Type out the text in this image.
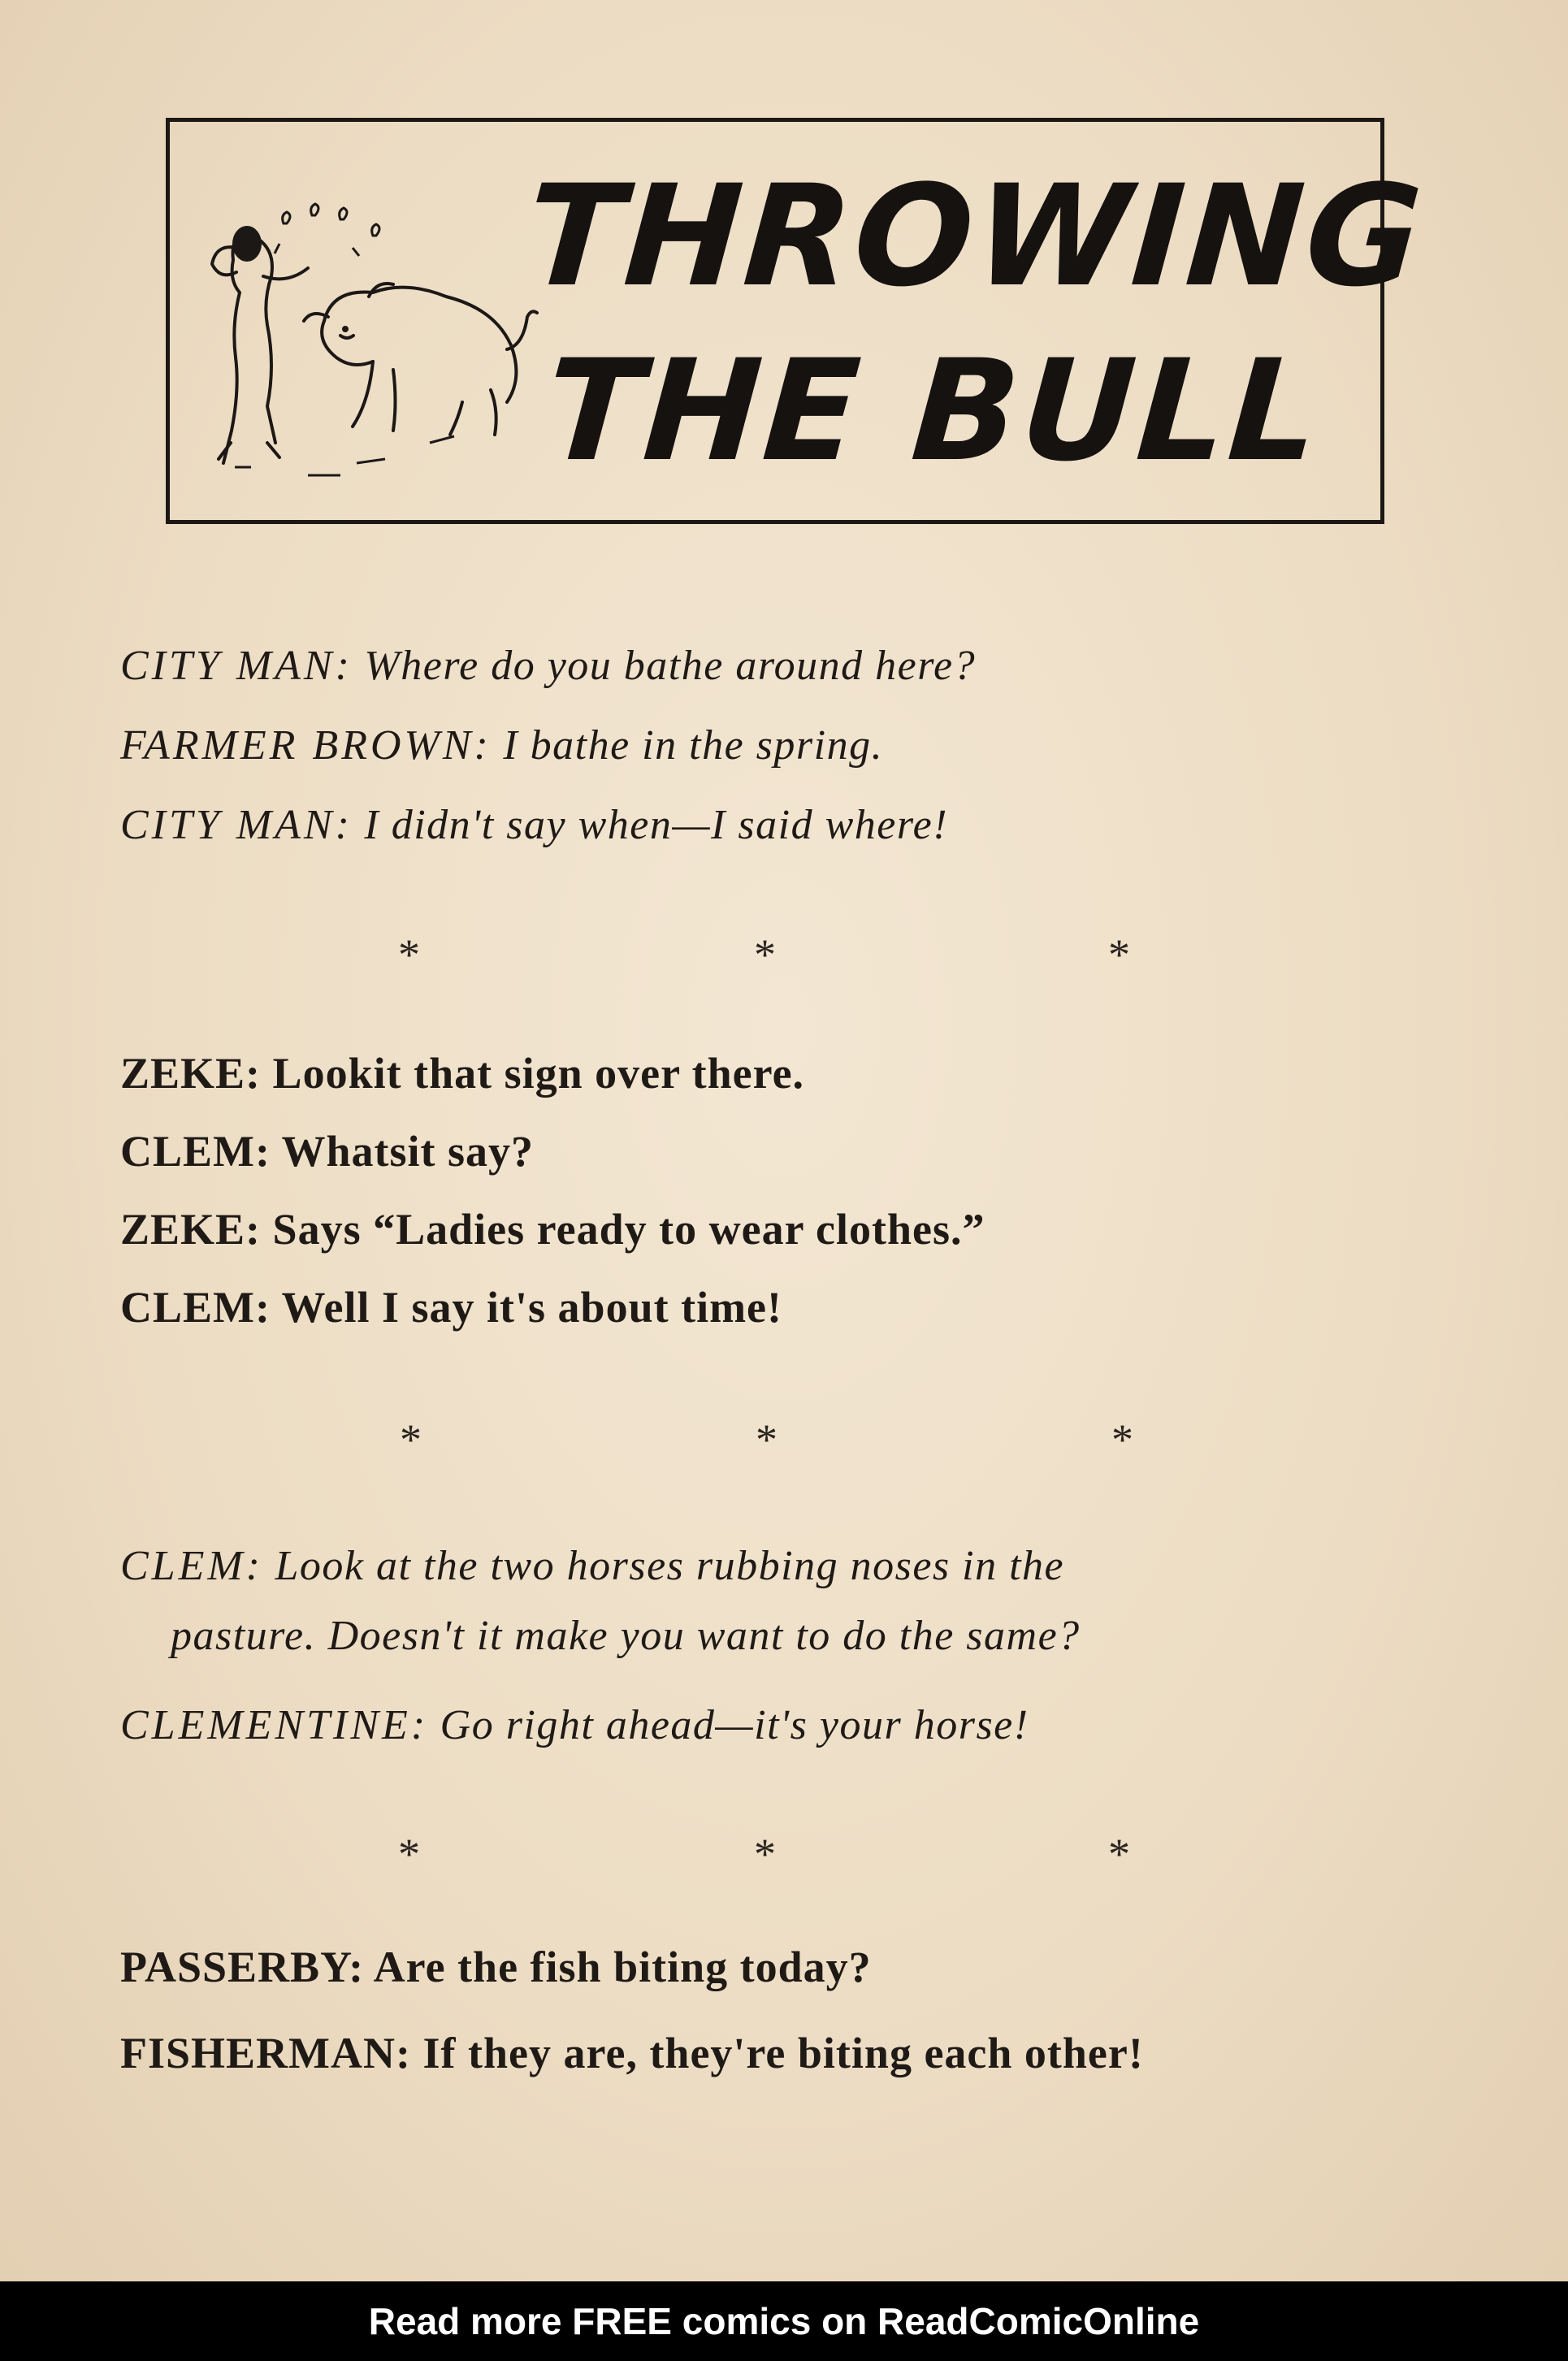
THROWING
THE BULL
CITY MAN: Where do you bathe around here?
FARMER BROWN: I bathe in the spring.
CITY MAN: I didn't say when—I said where!
*	*	*
ZEKE: Lookit that sign over there.
CLEM: Whatsit say?
ZEKE: Says “Ladies ready to wear clothes.”
CLEM: Well I say it's about time!
*	*	*
CLEM: Look at the two horses rubbing noses in the
pasture. Doesn't it make you want to do the same?
CLEMENTINE: Go right ahead—it's your horse!
*	*	*
PASSERBY: Are the fish biting today?
FISHERMAN: If they are, they're biting each other!
Read more FREE comics on ReadComicOnline
